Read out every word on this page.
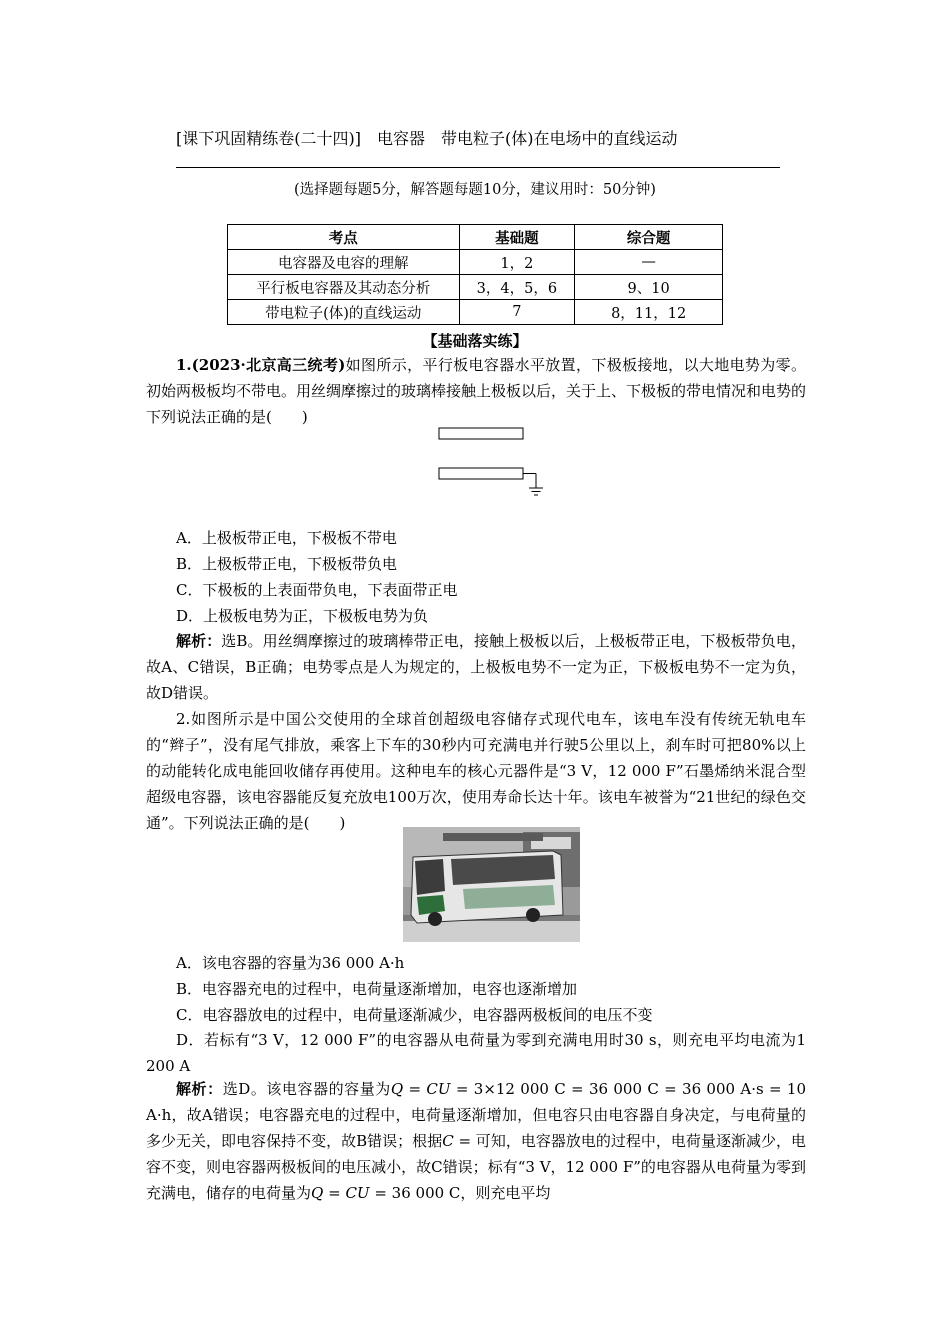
[课下巩固精练卷(二十四)]　电容器　带电粒子(体)在电场中的直线运动
(选择题每题5分，解答题每题10分，建议用时：50分钟)
考点	基础题	综合题
电容器及电容的理解	1，2	—
平行板电容器及其动态分析	3，4，5，6	9、10
带电粒子(体)的直线运动	7	8，11，12
【基础落实练】
1.(2023·北京高三统考)如图所示，平行板电容器水平放置，下极板接地，以大地电势为零。初始两极板均不带电。用丝绸摩擦过的玻璃棒接触上极板以后，关于上、下极板的带电情况和电势的下列说法正确的是(　　)
A．上极板带正电，下极板不带电
B．上极板带正电，下极板带负电
C．下极板的上表面带负电，下表面带正电
D．上极板电势为正，下极板电势为负
解析：选B。用丝绸摩擦过的玻璃棒带正电，接触上极板以后，上极板带正电，下极板带负电，故A、C错误，B正确；电势零点是人为规定的，上极板电势不一定为正，下极板电势不一定为负，故D错误。
2.如图所示是中国公交使用的全球首创超级电容储存式现代电车，该电车没有传统无轨电车的“辫子”，没有尾气排放，乘客上下车的30秒内可充满电并行驶5公里以上，刹车时可把80%以上的动能转化成电能回收储存再使用。这种电车的核心元器件是“3 V，12 000 F”石墨烯纳米混合型超级电容器，该电容器能反复充放电100万次，使用寿命长达十年。该电车被誉为“21世纪的绿色交通”。下列说法正确的是(　　)
A．该电容器的容量为36 000 A·h
B．电容器充电的过程中，电荷量逐渐增加，电容也逐渐增加
C．电容器放电的过程中，电荷量逐渐减少，电容器两极板间的电压不变
D．若标有“3 V，12 000 F”的电容器从电荷量为零到充满电用时30 s，则充电平均电流为1 200 A
解析：选D。该电容器的容量为Q = CU = 3×12 000 C = 36 000 C = 36 000 A·s = 10 A·h，故A错误；电容器充电的过程中，电荷量逐渐增加，但电容只由电容器自身决定，与电荷量的多少无关，即电容保持不变，故B错误；根据C = 可知，电容器放电的过程中，电荷量逐渐减少，电容不变，则电容器两极板间的电压减小，故C错误；标有“3 V，12 000 F”的电容器从电荷量为零到充满电，储存的电荷量为Q = CU = 36 000 C，则充电平均
